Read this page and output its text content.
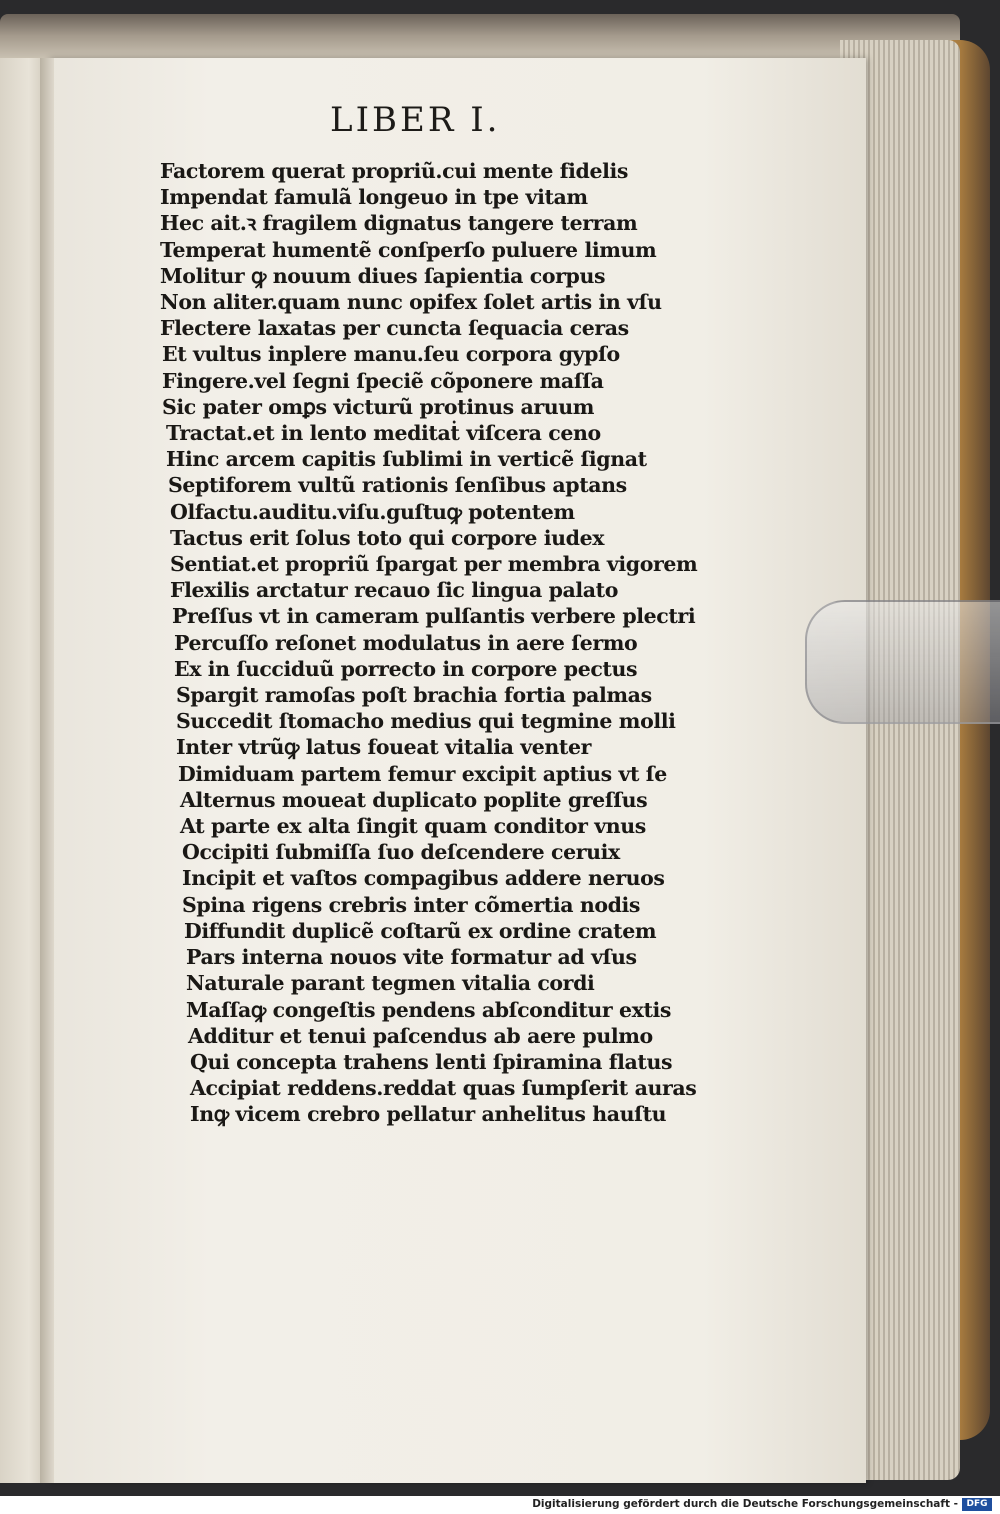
LIBER I.
Factorem querat propriũ.cui mente fidelis
Impendat famulã longeuo in tpe vitam
Hec ait.ꝛ fragilem dignatus tangere terram
Temperat humentẽ conſperſo puluere limum
Molitur ꝙ nouum diues ſapientia corpus
Non aliter.quam nunc opifex ſolet artis in vſu
Flectere laxatas per cuncta ſequacia ceras
Et vultus inplere manu.ſeu corpora gypſo
Fingere.vel ſegni ſpeciẽ cõponere maſſa
Sic pater omꝑs victurũ protinus aruum
Tractat.et in lento meditaṫ viſcera ceno
Hinc arcem capitis ſublimi in verticẽ ſignat
Septiforem vultũ rationis ſenſibus aptans
Olfactu.auditu.viſu.guſtuꝙ potentem
Tactus erit ſolus toto qui corpore iudex
Sentiat.et propriũ ſpargat per membra vigorem
Flexilis arctatur recauo ſic lingua palato
Preſſus vt in cameram pulſantis verbere plectri
Percuſſo reſonet modulatus in aere ſermo
Ex in ſucciduũ porrecto in corpore pectus
Spargit ramoſas poſt brachia fortia palmas
Succedit ſtomacho medius qui tegmine molli
Inter vtrũꝙ latus foueat vitalia venter
Dimiduam partem femur excipit aptius vt ſe
Alternus moueat duplicato poplite greſſus
At parte ex alta ſingit quam conditor vnus
Occipiti ſubmiſſa ſuo deſcendere ceruix
Incipit et vaſtos compagibus addere neruos
Spina rigens crebris inter cõmertia nodis
Diffundit duplicẽ coſtarũ ex ordine cratem
Pars interna nouos vite formatur ad vſus
Naturale parant tegmen vitalia cordi
Maſſaꝙ congeſtis pendens abſconditur extis
Additur et tenui paſcendus ab aere pulmo
Qui concepta trahens lenti ſpiramina flatus
Accipiat reddens.reddat quas ſumpſerit auras
Inꝙ vicem crebro pellatur anhelitus hauſtu
Digitalisierung gefördert durch die Deutsche Forschungsgemeinschaft - DFG
